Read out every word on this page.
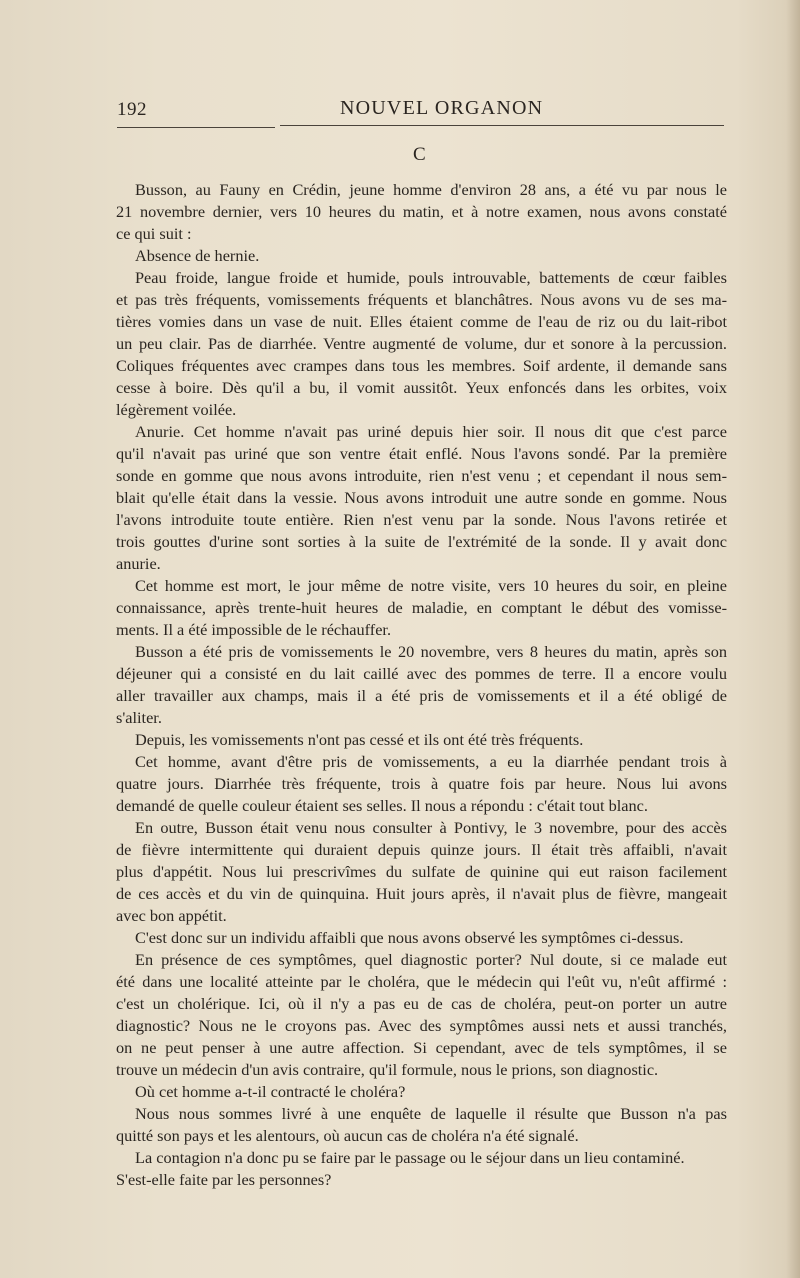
192	NOUVEL ORGANON
C
Busson, au Fauny en Crédin, jeune homme d'environ 28 ans, a été vu par nous le
21 novembre dernier, vers 10 heures du matin, et à notre examen, nous avons constaté
ce qui suit :
Absence de hernie.
Peau froide, langue froide et humide, pouls introuvable, battements de cœur faibles
et pas très fréquents, vomissements fréquents et blanchâtres. Nous avons vu de ses ma-
tières vomies dans un vase de nuit. Elles étaient comme de l'eau de riz ou du lait-ribot
un peu clair. Pas de diarrhée. Ventre augmenté de volume, dur et sonore à la percussion.
Coliques fréquentes avec crampes dans tous les membres. Soif ardente, il demande sans
cesse à boire. Dès qu'il a bu, il vomit aussitôt. Yeux enfoncés dans les orbites, voix
légèrement voilée.
Anurie. Cet homme n'avait pas uriné depuis hier soir. Il nous dit que c'est parce
qu'il n'avait pas uriné que son ventre était enflé. Nous l'avons sondé. Par la première
sonde en gomme que nous avons introduite, rien n'est venu ; et cependant il nous sem-
blait qu'elle était dans la vessie. Nous avons introduit une autre sonde en gomme. Nous
l'avons introduite toute entière. Rien n'est venu par la sonde. Nous l'avons retirée et
trois gouttes d'urine sont sorties à la suite de l'extrémité de la sonde. Il y avait donc
anurie.
Cet homme est mort, le jour même de notre visite, vers 10 heures du soir, en pleine
connaissance, après trente-huit heures de maladie, en comptant le début des vomisse-
ments. Il a été impossible de le réchauffer.
Busson a été pris de vomissements le 20 novembre, vers 8 heures du matin, après son
déjeuner qui a consisté en du lait caillé avec des pommes de terre. Il a encore voulu
aller travailler aux champs, mais il a été pris de vomissements et il a été obligé de
s'aliter.
Depuis, les vomissements n'ont pas cessé et ils ont été très fréquents.
Cet homme, avant d'être pris de vomissements, a eu la diarrhée pendant trois à
quatre jours. Diarrhée très fréquente, trois à quatre fois par heure. Nous lui avons
demandé de quelle couleur étaient ses selles. Il nous a répondu : c'était tout blanc.
En outre, Busson était venu nous consulter à Pontivy, le 3 novembre, pour des accès
de fièvre intermittente qui duraient depuis quinze jours. Il était très affaibli, n'avait
plus d'appétit. Nous lui prescrivîmes du sulfate de quinine qui eut raison facilement
de ces accès et du vin de quinquina. Huit jours après, il n'avait plus de fièvre, mangeait
avec bon appétit.
C'est donc sur un individu affaibli que nous avons observé les symptômes ci-dessus.
En présence de ces symptômes, quel diagnostic porter? Nul doute, si ce malade eut
été dans une localité atteinte par le choléra, que le médecin qui l'eût vu, n'eût affirmé :
c'est un cholérique. Ici, où il n'y a pas eu de cas de choléra, peut-on porter un autre
diagnostic? Nous ne le croyons pas. Avec des symptômes aussi nets et aussi tranchés,
on ne peut penser à une autre affection. Si cependant, avec de tels symptômes, il se
trouve un médecin d'un avis contraire, qu'il formule, nous le prions, son diagnostic.
Où cet homme a-t-il contracté le choléra?
Nous nous sommes livré à une enquête de laquelle il résulte que Busson n'a pas
quitté son pays et les alentours, où aucun cas de choléra n'a été signalé.
La contagion n'a donc pu se faire par le passage ou le séjour dans un lieu contaminé.
S'est-elle faite par les personnes?
